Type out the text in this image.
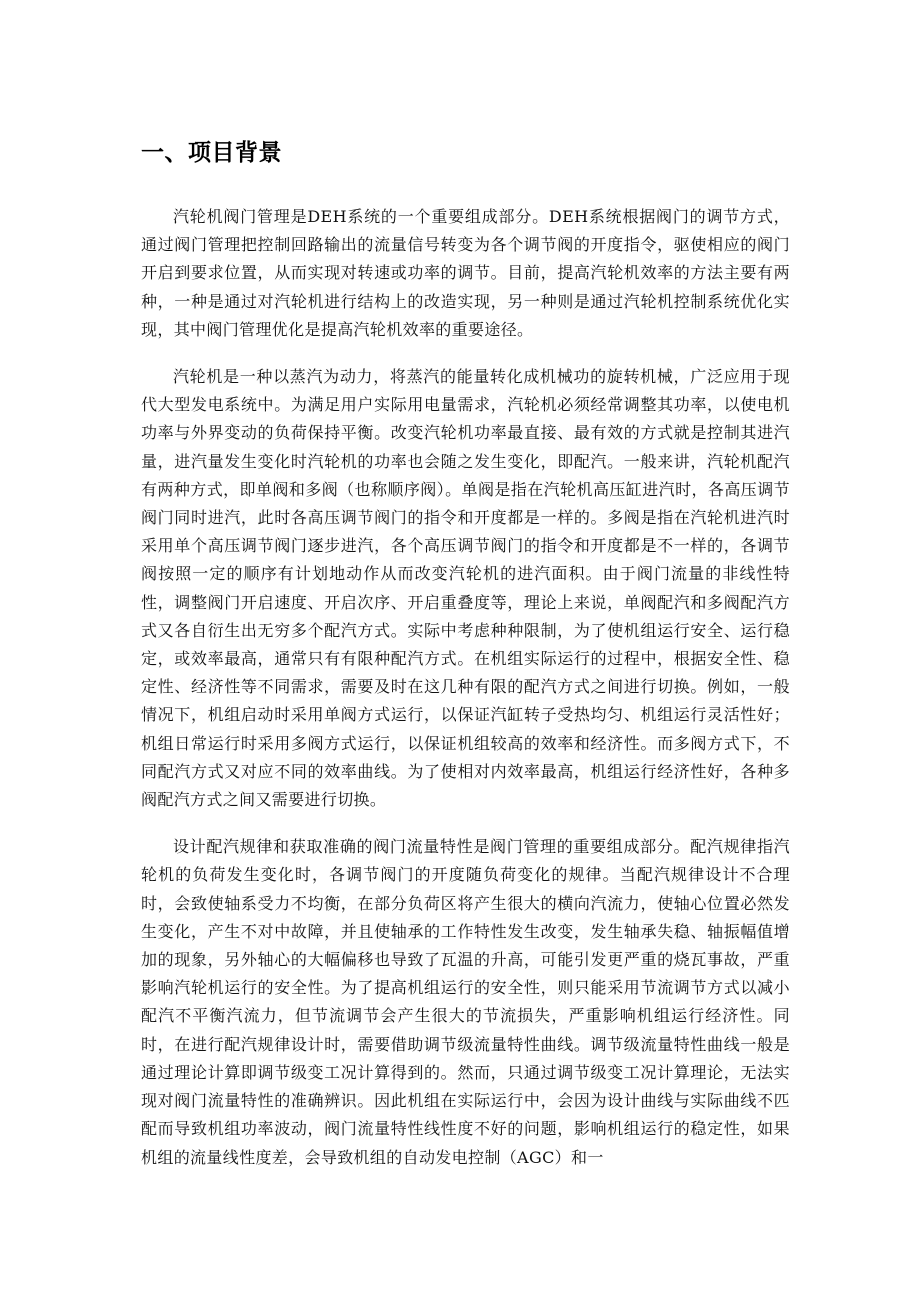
一、项目背景

汽轮机阀门管理是DEH系统的一个重要组成部分。DEH系统根据阀门的调节方式，通过阀门管理把控制回路输出的流量信号转变为各个调节阀的开度指令，驱使相应的阀门开启到要求位置，从而实现对转速或功率的调节。目前，提高汽轮机效率的方法主要有两种，一种是通过对汽轮机进行结构上的改造实现，另一种则是通过汽轮机控制系统优化实现，其中阀门管理优化是提高汽轮机效率的重要途径。

汽轮机是一种以蒸汽为动力，将蒸汽的能量转化成机械功的旋转机械，广泛应用于现代大型发电系统中。为满足用户实际用电量需求，汽轮机必须经常调整其功率，以使电机功率与外界变动的负荷保持平衡。改变汽轮机功率最直接、最有效的方式就是控制其进汽量，进汽量发生变化时汽轮机的功率也会随之发生变化，即配汽。一般来讲，汽轮机配汽有两种方式，即单阀和多阀（也称顺序阀）。单阀是指在汽轮机高压缸进汽时，各高压调节阀门同时进汽，此时各高压调节阀门的指令和开度都是一样的。多阀是指在汽轮机进汽时采用单个高压调节阀门逐步进汽，各个高压调节阀门的指令和开度都是不一样的，各调节阀按照一定的顺序有计划地动作从而改变汽轮机的进汽面积。由于阀门流量的非线性特性，调整阀门开启速度、开启次序、开启重叠度等，理论上来说，单阀配汽和多阀配汽方式又各自衍生出无穷多个配汽方式。实际中考虑种种限制，为了使机组运行安全、运行稳定，或效率最高，通常只有有限种配汽方式。在机组实际运行的过程中，根据安全性、稳定性、经济性等不同需求，需要及时在这几种有限的配汽方式之间进行切换。例如，一般情况下，机组启动时采用单阀方式运行，以保证汽缸转子受热均匀、机组运行灵活性好；机组日常运行时采用多阀方式运行，以保证机组较高的效率和经济性。而多阀方式下，不同配汽方式又对应不同的效率曲线。为了使相对内效率最高，机组运行经济性好，各种多阀配汽方式之间又需要进行切换。

设计配汽规律和获取准确的阀门流量特性是阀门管理的重要组成部分。配汽规律指汽轮机的负荷发生变化时，各调节阀门的开度随负荷变化的规律。当配汽规律设计不合理时，会致使轴系受力不均衡，在部分负荷区将产生很大的横向汽流力，使轴心位置必然发生变化，产生不对中故障，并且使轴承的工作特性发生改变，发生轴承失稳、轴振幅值增加的现象，另外轴心的大幅偏移也导致了瓦温的升高，可能引发更严重的烧瓦事故，严重影响汽轮机运行的安全性。为了提高机组运行的安全性，则只能采用节流调节方式以减小配汽不平衡汽流力，但节流调节会产生很大的节流损失，严重影响机组运行经济性。同时，在进行配汽规律设计时，需要借助调节级流量特性曲线。调节级流量特性曲线一般是通过理论计算即调节级变工况计算得到的。然而，只通过调节级变工况计算理论，无法实现对阀门流量特性的准确辨识。因此机组在实际运行中，会因为设计曲线与实际曲线不匹配而导致机组功率波动，阀门流量特性线性度不好的问题，影响机组运行的稳定性，如果机组的流量线性度差，会导致机组的自动发电控制（AGC）和一
